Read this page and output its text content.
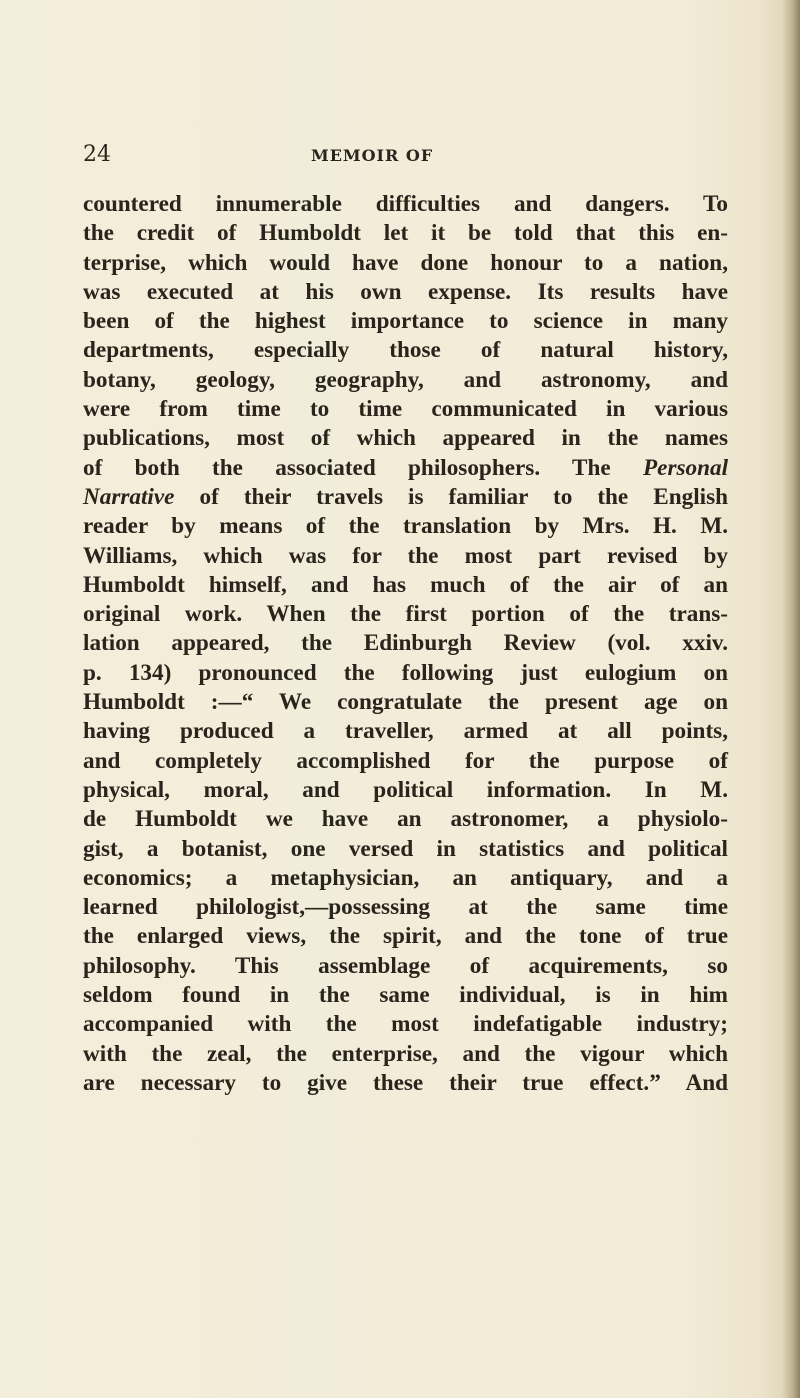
24	MEMOIR OF
countered innumerable difficulties and dangers. To
the credit of Humboldt let it be told that this en-
terprise, which would have done honour to a nation,
was executed at his own expense. Its results have
been of the highest importance to science in many
departments, especially those of natural history,
botany, geology, geography, and astronomy, and
were from time to time communicated in various
publications, most of which appeared in the names
of both the associated philosophers. The Personal
Narrative of their travels is familiar to the English
reader by means of the translation by Mrs. H. M.
Williams, which was for the most part revised by
Humboldt himself, and has much of the air of an
original work. When the first portion of the trans-
lation appeared, the Edinburgh Review (vol. xxiv.
p. 134) pronounced the following just eulogium on
Humboldt :—“ We congratulate the present age on
having produced a traveller, armed at all points,
and completely accomplished for the purpose of
physical, moral, and political information. In M.
de Humboldt we have an astronomer, a physiolo-
gist, a botanist, one versed in statistics and political
economics; a metaphysician, an antiquary, and a
learned philologist,—possessing at the same time
the enlarged views, the spirit, and the tone of true
philosophy. This assemblage of acquirements, so
seldom found in the same individual, is in him
accompanied with the most indefatigable industry;
with the zeal, the enterprise, and the vigour which
are necessary to give these their true effect.” And
